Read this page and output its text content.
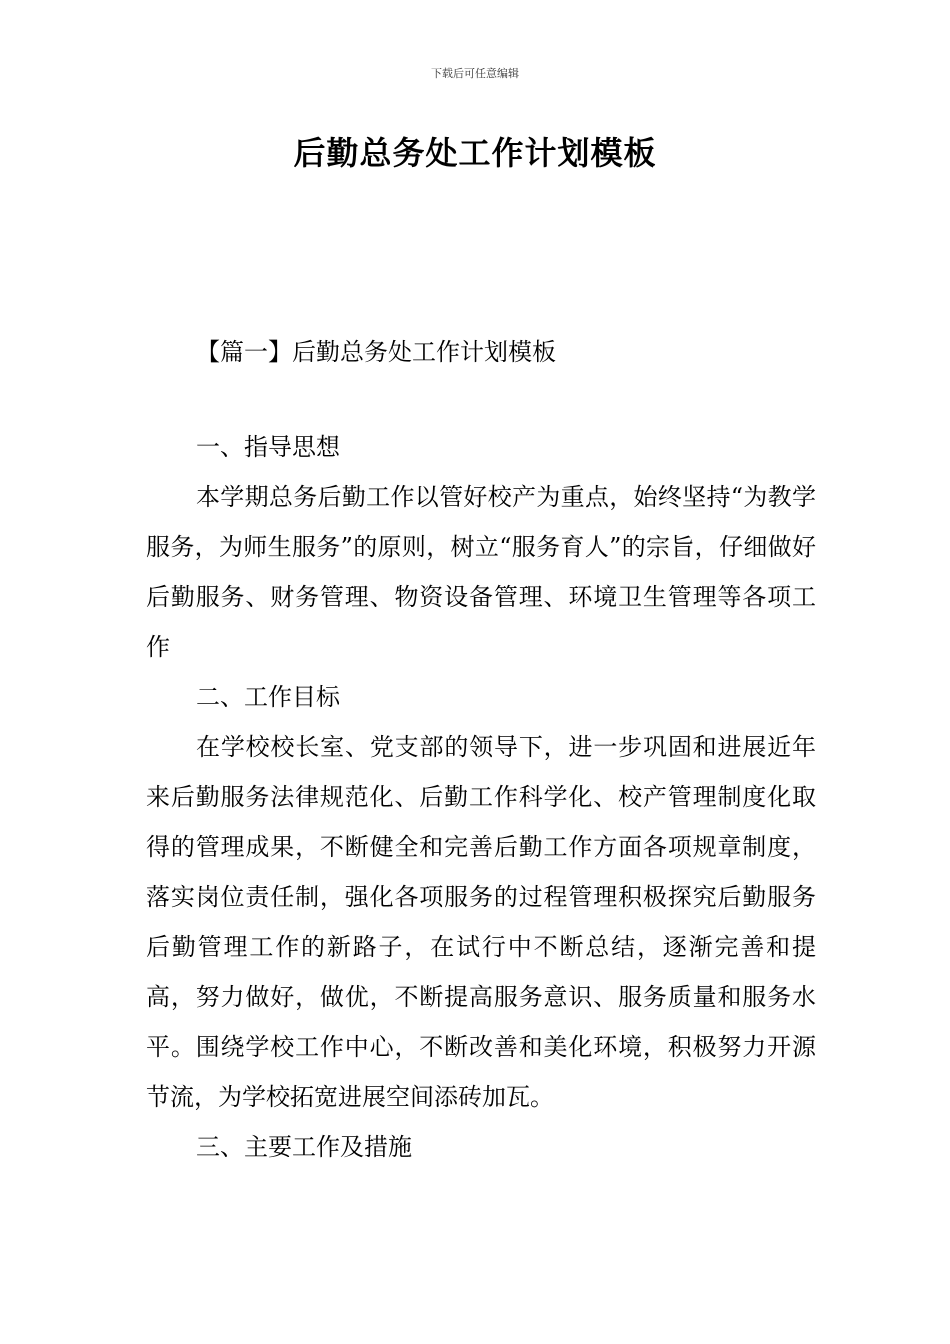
下载后可任意编辑
后勤总务处工作计划模板
【篇一】后勤总务处工作计划模板

一、指导思想

本学期总务后勤工作以管好校产为重点，始终坚持“为教学服务，为师生服务”的原则，树立“服务育人”的宗旨，仔细做好后勤服务、财务管理、物资设备管理、环境卫生管理等各项工作

二、工作目标

在学校校长室、党支部的领导下，进一步巩固和进展近年来后勤服务法律规范化、后勤工作科学化、校产管理制度化取得的管理成果，不断健全和完善后勤工作方面各项规章制度，落实岗位责任制，强化各项服务的过程管理积极探究后勤服务后勤管理工作的新路子，在试行中不断总结，逐渐完善和提高，努力做好，做优，不断提高服务意识、服务质量和服务水平。围绕学校工作中心，不断改善和美化环境，积极努力开源节流，为学校拓宽进展空间添砖加瓦。

三、主要工作及措施
